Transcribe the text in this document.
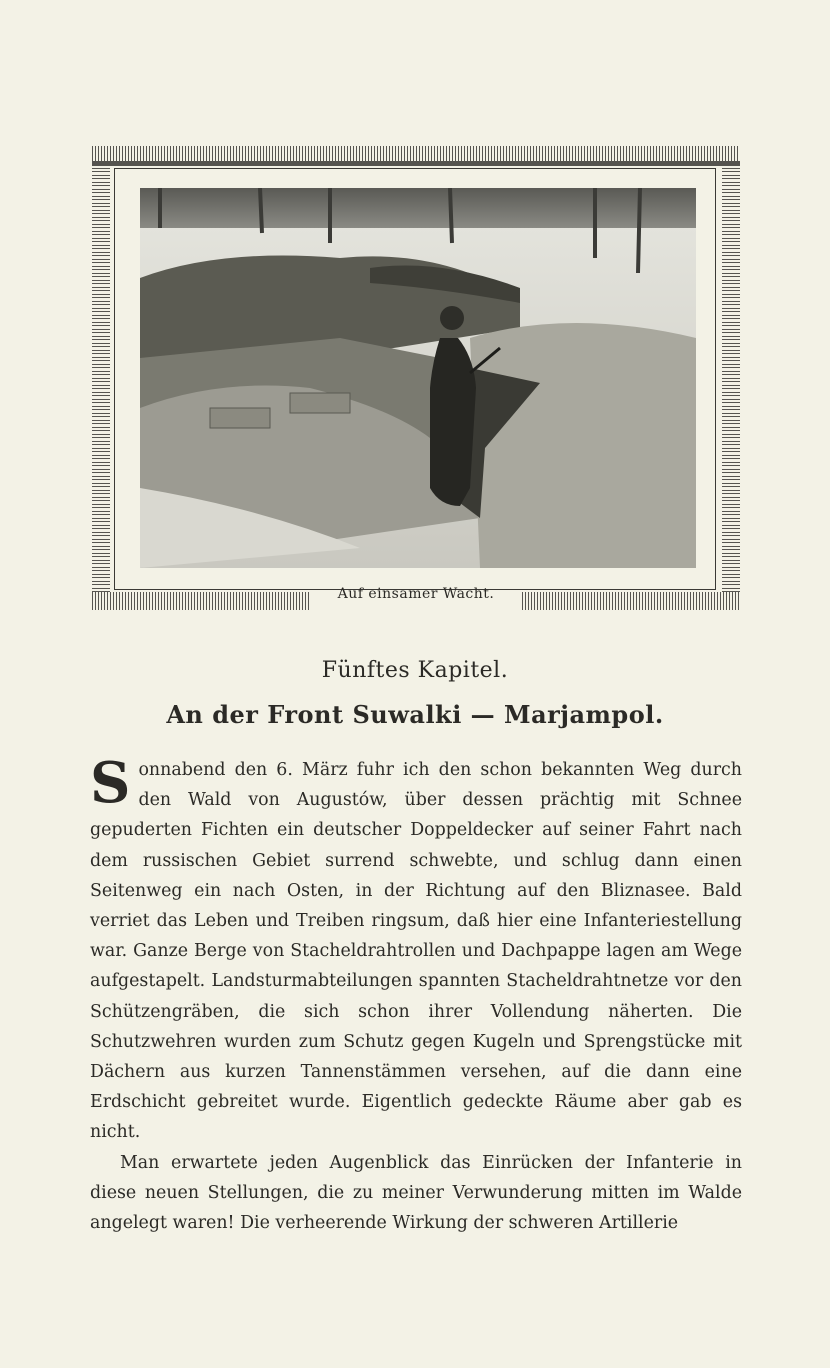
Auf einsamer Wacht.
Fünftes Kapitel.
An der Front Suwalki — Marjampol.

Sonnabend den 6. März fuhr ich den schon bekannten Weg durch den Wald von Augustów, über dessen prächtig mit Schnee gepuderten Fichten ein deutscher Doppeldecker auf seiner Fahrt nach dem russischen Gebiet surrend schwebte, und schlug dann einen Seitenweg ein nach Osten, in der Richtung auf den Bliznasee. Bald verriet das Leben und Treiben ringsum, daß hier eine Infanteriestellung war. Ganze Berge von Stacheldrahtrollen und Dachpappe lagen am Wege aufgestapelt. Landsturmabteilungen spannten Stacheldrahtnetze vor den Schützengräben, die sich schon ihrer Vollendung näherten. Die Schutzwehren wurden zum Schutz gegen Kugeln und Sprengstücke mit Dächern aus kurzen Tannenstämmen versehen, auf die dann eine Erdschicht gebreitet wurde. Eigentlich gedeckte Räume aber gab es nicht.

Man erwartete jeden Augenblick das Einrücken der Infanterie in diese neuen Stellungen, die zu meiner Verwunderung mitten im Walde angelegt waren! Die verheerende Wirkung der schweren Artillerie
